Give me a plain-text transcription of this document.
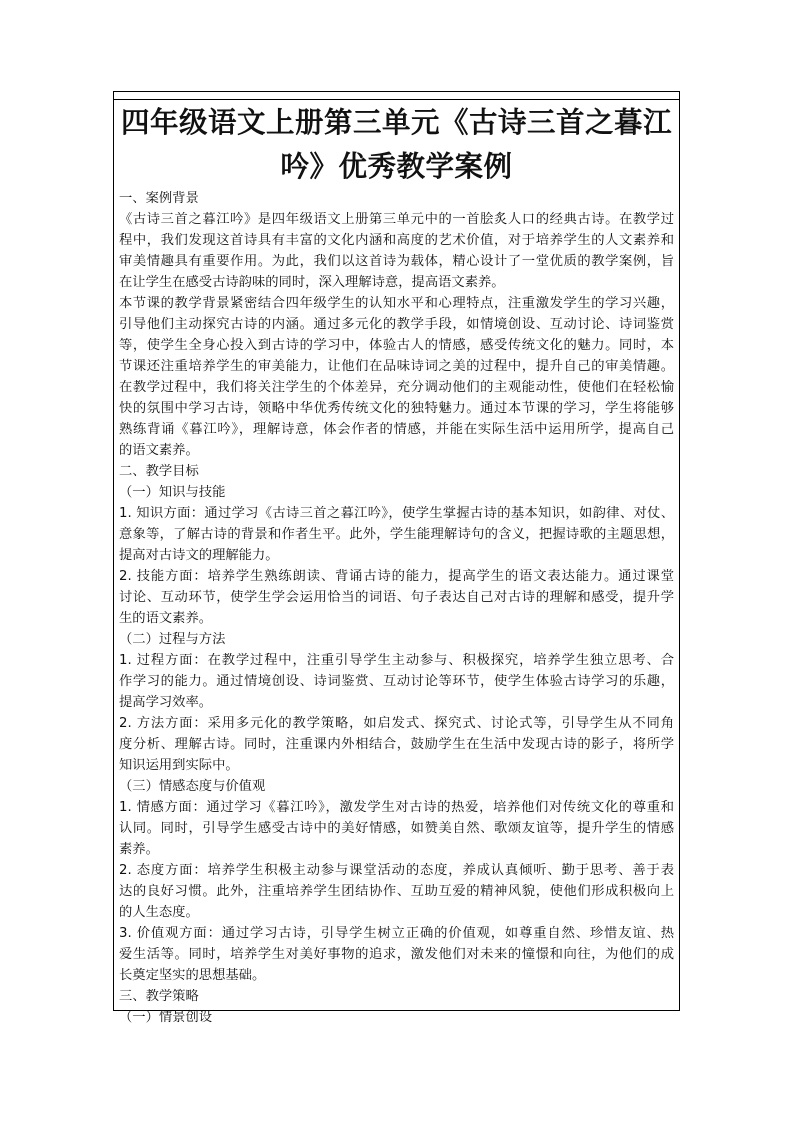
四年级语文上册第三单元《古诗三首之暮江
吟》优秀教学案例
一、案例背景
《古诗三首之暮江吟》是四年级语文上册第三单元中的一首脍炙人口的经典古诗。在教学过
程中，我们发现这首诗具有丰富的文化内涵和高度的艺术价值，对于培养学生的人文素养和
审美情趣具有重要作用。为此，我们以这首诗为载体，精心设计了一堂优质的教学案例，旨
在让学生在感受古诗韵味的同时，深入理解诗意，提高语文素养。
本节课的教学背景紧密结合四年级学生的认知水平和心理特点，注重激发学生的学习兴趣，
引导他们主动探究古诗的内涵。通过多元化的教学手段，如情境创设、互动讨论、诗词鉴赏
等，使学生全身心投入到古诗的学习中，体验古人的情感，感受传统文化的魅力。同时，本
节课还注重培养学生的审美能力，让他们在品味诗词之美的过程中，提升自己的审美情趣。
在教学过程中，我们将关注学生的个体差异，充分调动他们的主观能动性，使他们在轻松愉
快的氛围中学习古诗，领略中华优秀传统文化的独特魅力。通过本节课的学习，学生将能够
熟练背诵《暮江吟》，理解诗意，体会作者的情感，并能在实际生活中运用所学，提高自己
的语文素养。
二、教学目标
（一）知识与技能
1. 知识方面：通过学习《古诗三首之暮江吟》，使学生掌握古诗的基本知识，如韵律、对仗、
意象等，了解古诗的背景和作者生平。此外，学生能理解诗句的含义，把握诗歌的主题思想，
提高对古诗文的理解能力。
2. 技能方面：培养学生熟练朗读、背诵古诗的能力，提高学生的语文表达能力。通过课堂
讨论、互动环节，使学生学会运用恰当的词语、句子表达自己对古诗的理解和感受，提升学
生的语文素养。
（二）过程与方法
1. 过程方面：在教学过程中，注重引导学生主动参与、积极探究，培养学生独立思考、合
作学习的能力。通过情境创设、诗词鉴赏、互动讨论等环节，使学生体验古诗学习的乐趣，
提高学习效率。
2. 方法方面：采用多元化的教学策略，如启发式、探究式、讨论式等，引导学生从不同角
度分析、理解古诗。同时，注重课内外相结合，鼓励学生在生活中发现古诗的影子，将所学
知识运用到实际中。
（三）情感态度与价值观
1. 情感方面：通过学习《暮江吟》，激发学生对古诗的热爱，培养他们对传统文化的尊重和
认同。同时，引导学生感受古诗中的美好情感，如赞美自然、歌颂友谊等，提升学生的情感
素养。
2. 态度方面：培养学生积极主动参与课堂活动的态度，养成认真倾听、勤于思考、善于表
达的良好习惯。此外，注重培养学生团结协作、互助互爱的精神风貌，使他们形成积极向上
的人生态度。
3. 价值观方面：通过学习古诗，引导学生树立正确的价值观，如尊重自然、珍惜友谊、热
爱生活等。同时，培养学生对美好事物的追求，激发他们对未来的憧憬和向往，为他们的成
长奠定坚实的思想基础。
三、教学策略
（一）情景创设
